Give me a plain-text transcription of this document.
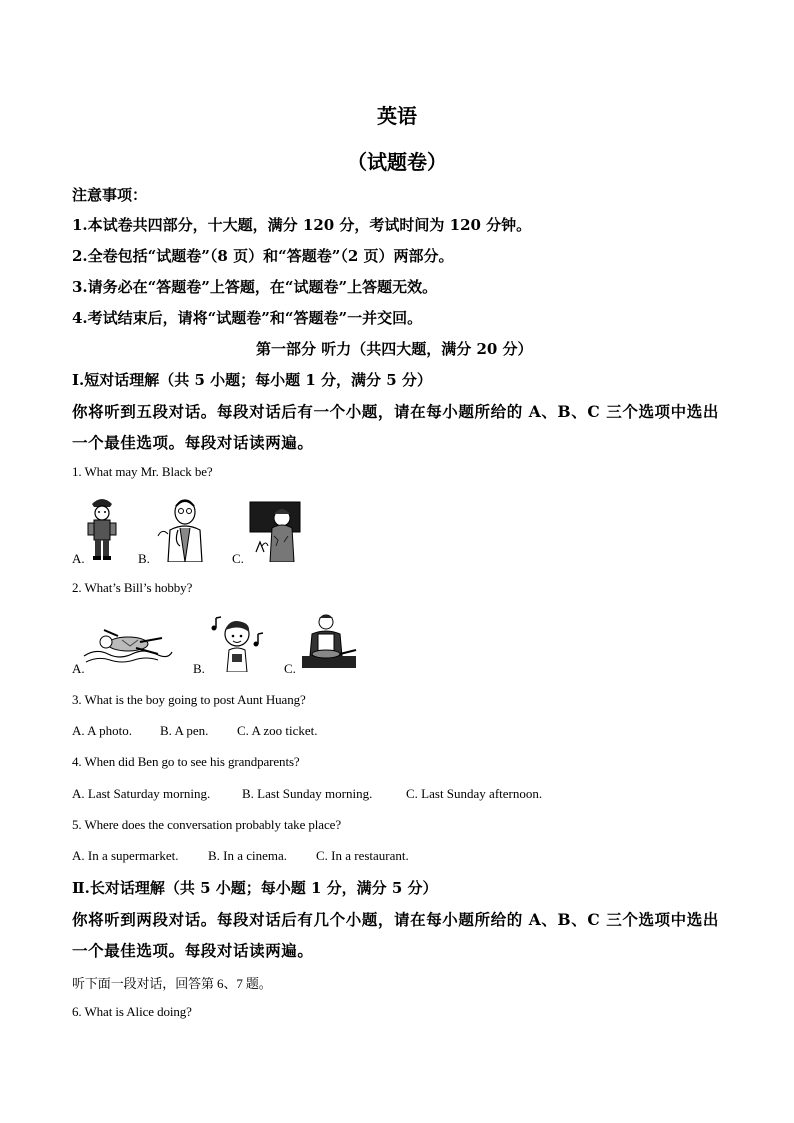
英语
（试题卷）
注意事项：
1.本试卷共四部分，十大题，满分 120 分，考试时间为 120 分钟。
2.全卷包括“试题卷”（8 页）和“答题卷”（2 页）两部分。
3.请务必在“答题卷”上答题，在“试题卷”上答题无效。
4.考试结束后，请将“试题卷”和“答题卷”一并交回。
第一部分 听力（共四大题，满分 20 分）
Ⅰ.短对话理解（共 5 小题；每小题 1 分，满分 5 分）
你将听到五段对话。每段对话后有一个小题，请在每小题所给的 A、B、C 三个选项中选出
一个最佳选项。每段对话读两遍。
1. What may Mr. Black be?
A.	B.	C.
2. What’s Bill’s hobby?
A.	B.	C.
3. What is the boy going to post Aunt Huang?
A. A photo. B. A pen. C. A zoo ticket.
4. When did Ben go to see his grandparents?
A. Last Saturday morning. B. Last Sunday morning.	C. Last Sunday afternoon.
5. Where does the conversation probably take place?
A. In a supermarket. B. In a cinema. C. In a restaurant.
Ⅱ.长对话理解（共 5 小题；每小题 1 分，满分 5 分）
你将听到两段对话。每段对话后有几个小题，请在每小题所给的 A、B、C 三个选项中选出
一个最佳选项。每段对话读两遍。
听下面一段对话，回答第 6、7 题。
6. What is Alice doing?
